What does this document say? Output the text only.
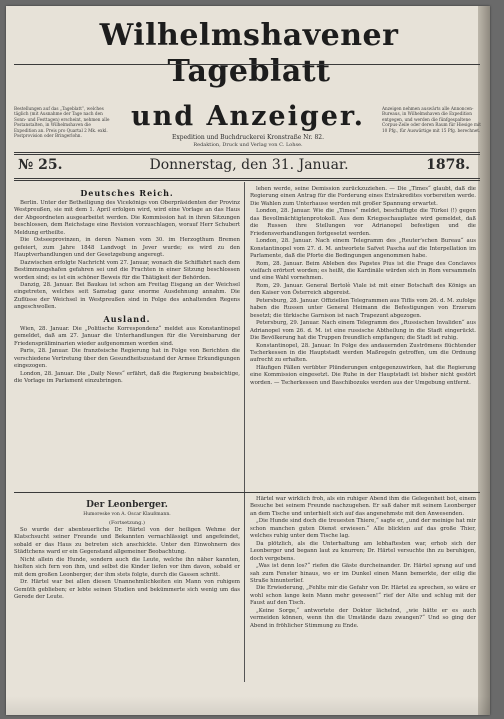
Wilhelmshavener Tageblatt
Bestellungen auf das „Tageblatt“, welches täglich (mit Ausnahme der Tage nach den Sonn- und Festtagen) erscheint, nehmen alle Postanstalten, in Wilhelmshaven die Expedition an. Preis pro Quartal 2 Mk. exkl. Postprovision oder Bringerlohn.
und Anzeiger.	Anzeigen nehmen auswärts alle Annoncen-Bureaus, in Wilhelmshaven die Expedition entgegen, und werden die fünfgespaltene Corpus-Zeile oder deren Raum für Hiesige mit 10 Pfg., für Auswärtige mit 15 Pfg. berechnet.
Expedition und Buchdruckerei Kronstraße Nr. 82.
Redaktion, Druck und Verlag von C. Lohse.
№ 25.	Donnerstag, den 31. Januar.	1878.
Deutsches Reich.

Berlin. Unter der Betheiligung des Vicekönigs von Oberpräsidenten der Provinz Westpreußen, sie mit dem 1. April erfolgen wird, wird eine Vorlage an das Haus der Abgeordneten ausgearbeitet werden. Die Kommission hat in ihren Sitzungen beschlossen, dem Reichstage eine Revision vorzuschlagen, worauf Herr Schubert Meldung ertheilte.

Die Ostseeprovinzen, in deren Namen vom 30. im Herzogthum Bremen gefeiert, zum Jahre 1848 Landvogt in Jever wurde; es wird zu den Hauptverhandlungen und der Gesetzgebung angeregt.

Dazwischen erfolgte Nachricht vom 27. Januar, wonach die Schiffahrt nach dem Bestimmungshafen gefahren sei und die Frachten in einer Sitzung beschlossen worden sind; es ist ein schöner Beweis für die Thätigkeit der Behörden.

Danzig, 28. Januar. Bei Baukau ist schon am Freitag Eisgang an der Weichsel eingetreten, welches seit Samstag ganz enorme Ausdehnung annahm. Die Zuflüsse der Weichsel in Westpreußen sind in Folge des anhaltenden Regens angeschwollen.

Ausland.

Wien, 28. Januar. Die „Politische Korrespondenz“ meldet aus Konstantinopel gemeldet, daß am 27. Januar die Unterhandlungen für die Vereinbarung der Friedenspräliminarien wieder aufgenommen worden sind.

Paris, 28. Januar. Die französische Regierung hat in Folge von Berichten die verschiedene Vertretung über den Gesundheitszustand der Armee Erkundigungen eingezogen.

London, 28. Januar. Die „Daily News“ erfährt, daß die Regierung beabsichtige, die Vorlage im Parlament einzubringen.

lehen werde, seine Demission zurückzuziehen. — Die „Times“ glaubt, daß die Regierung einen Antrag für die Forderung eines Extrakredites vorbereiten werde. Die Wahlen zum Unterhause werden mit großer Spannung erwartet.

London, 28. Januar. Wie die „Times“ meldet, beschäftigte die Türkei (!) gegen das Bevollmächtigtenprotokoll. Aus dem Kriegsschauplatze wird gemeldet, daß die Russen ihre Stellungen vor Adrianopel befestigen und die Friedensverhandlungen fortgesetzt werden.

London, 28. Januar. Nach einem Telegramm des „Reuter'schen Bureau“ aus Konstantinopel vom 27. d. M. antwortete Safvet Pascha auf die Interpellation im Parlamente, daß die Pforte die Bedingungen angenommen habe.

Rom, 28. Januar. Beim Ableben des Papstes Pius ist die Frage des Conclaves vielfach erörtert worden; es heißt, die Kardinäle würden sich in Rom versammeln und eine Wahl vornehmen.

Rom, 29. Januar. General Bertolè Viale ist mit einer Botschaft des Königs an den Kaiser von Österreich abgereist.

Petersburg, 28. Januar. Offiziellen Telegrammen aus Tiflis vom 26. d. M. zufolge haben die Russen unter General Heimann die Befestigungen von Erzerum besetzt; die türkische Garnison ist nach Trapezunt abgezogen.

Petersburg, 29. Januar. Nach einem Telegramm des „Russischen Invaliden“ aus Adrianopel vom 26. d. M. ist eine russische Abtheilung in die Stadt eingerückt. Die Bevölkerung hat die Truppen freundlich empfangen; die Stadt ist ruhig.

Konstantinopel, 28. Januar. In Folge des andauernden Zuströmens flüchtender Tscherkessen in die Hauptstadt werden Maßregeln getroffen, um die Ordnung aufrecht zu erhalten.

Häufigen Fällen verübter Plünderungen entgegenzuwirken, hat die Regierung eine Kommission eingesetzt. Die Ruhe in der Hauptstadt ist bisher nicht gestört worden. — Tscherkessen und Baschibozuks werden aus der Umgebung entfernt.

Der Leonberger.
Humoreske von A. Oscar Klaußmann.
(Fortsetzung.)

So wurde der abenteuerliche Dr. Härtel von der heiligen Wehme der Klatschsucht seiner Freunde und Bekannten vernachlässigt und angefeindet, sobald er das Haus zu betreten sich anschickte. Unter den Einwohnern des Städtchens ward er ein Gegenstand allgemeiner Beobachtung.

Nicht allein die Hunde, sondern auch die Leute, welche ihn näher kannten, hielten sich fern von ihm, und selbst die Kinder liefen vor ihm davon, sobald er mit dem großen Leonberger, der ihm stets folgte, durch die Gassen schritt.

Dr. Härtel war bei allen diesen Unannehmlichkeiten ein Mann von ruhigem Gemüth geblieben; er lebte seinen Studien und bekümmerte sich wenig um das Gerede der Leute.

Härtel war wirklich froh, als ein ruhiger Abend ihm die Gelegenheit bot, einem Besuche bei seinem Freunde nachzugehen. Er saß daher mit seinem Leonberger an dem Tische und unterhielt sich auf das angenehmste mit den Anwesenden.

„Die Hunde sind doch die treuesten Thiere,“ sagte er, „und der meinige hat mir schon manchen guten Dienst erwiesen.“ Alle blickten auf das große Thier, welches ruhig unter dem Tische lag.

Da plötzlich, als die Unterhaltung am lebhaftesten war, erhob sich der Leonberger und begann laut zu knurren; Dr. Härtel versuchte ihn zu beruhigen, doch vergebens.

„Was ist denn los?“ riefen die Gäste durcheinander. Dr. Härtel sprang auf und sah zum Fenster hinaus, wo er im Dunkel einen Mann bemerkte, der eilig die Straße hinunterlief.

Die Erwiederung, „Fehlte mir die Gefahr von Dr. Härtel zu sprechen, so wäre er wohl schon lange kein Mann mehr gewesen!“ rief der Alte und schlug mit der Faust auf den Tisch.

„Keine Sorge,“ antwortete der Doktor lächelnd, „wie hätte er es auch vermeiden können, wenn ihn die Umstände dazu zwangen?“ Und so ging der Abend in fröhlicher Stimmung zu Ende.
